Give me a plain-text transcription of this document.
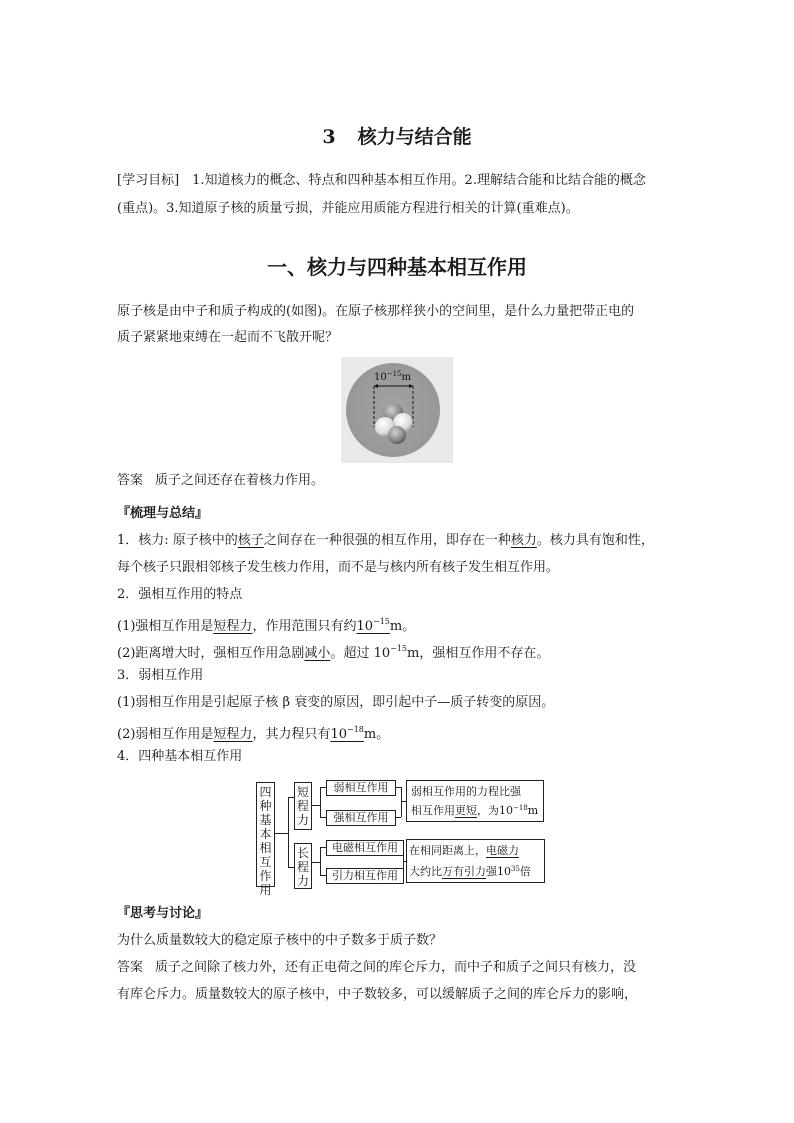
3 核力与结合能
[学习目标]　1.知道核力的概念、特点和四种基本相互作用。2.理解结合能和比结合能的概念
(重点)。3.知道原子核的质量亏损，并能应用质能方程进行相关的计算(重难点)。
一、核力与四种基本相互作用
原子核是由中子和质子构成的(如图)。在原子核那样狭小的空间里，是什么力量把带正电的
质子紧紧地束缚在一起而不飞散开呢？
$10^{-15}m$
答案 质子之间还存在着核力作用。
『梳理与总结』
1．核力: 原子核中的核子之间存在一种很强的相互作用，即存在一种核力。核力具有饱和性，
每个核子只跟相邻核子发生核力作用，而不是与核内所有核子发生相互作用。
2．强相互作用的特点
(1)强相互作用是短程力，作用范围只有约$10^{-15}m$。
(2)距离增大时，强相互作用急剧减小。超过 $10^{-15}m$，强相互作用不存在。
3．弱相互作用
(1)弱相互作用是引起原子核 β 衰变的原因，即引起中子—质子转变的原因。
(2)弱相互作用是短程力，其力程只有$10^{-18}m$。
4．四种基本相互作用
四
种
基
本
相
互
作
用
短
程
力
长
程
力
弱相互作用
强相互作用
电磁相互作用
引力相互作用
弱相互作用的力程比强
相互作用更短，为$10^{-18}m$
在相同距离上，电磁力
大约比万有引力强$10^{35}$倍
『思考与讨论』
为什么质量数较大的稳定原子核中的中子数多于质子数？
答案 质子之间除了核力外，还有正电荷之间的库仑斥力，而中子和质子之间只有核力，没
有库仑斥力。质量数较大的原子核中，中子数较多，可以缓解质子之间的库仑斥力的影响，
